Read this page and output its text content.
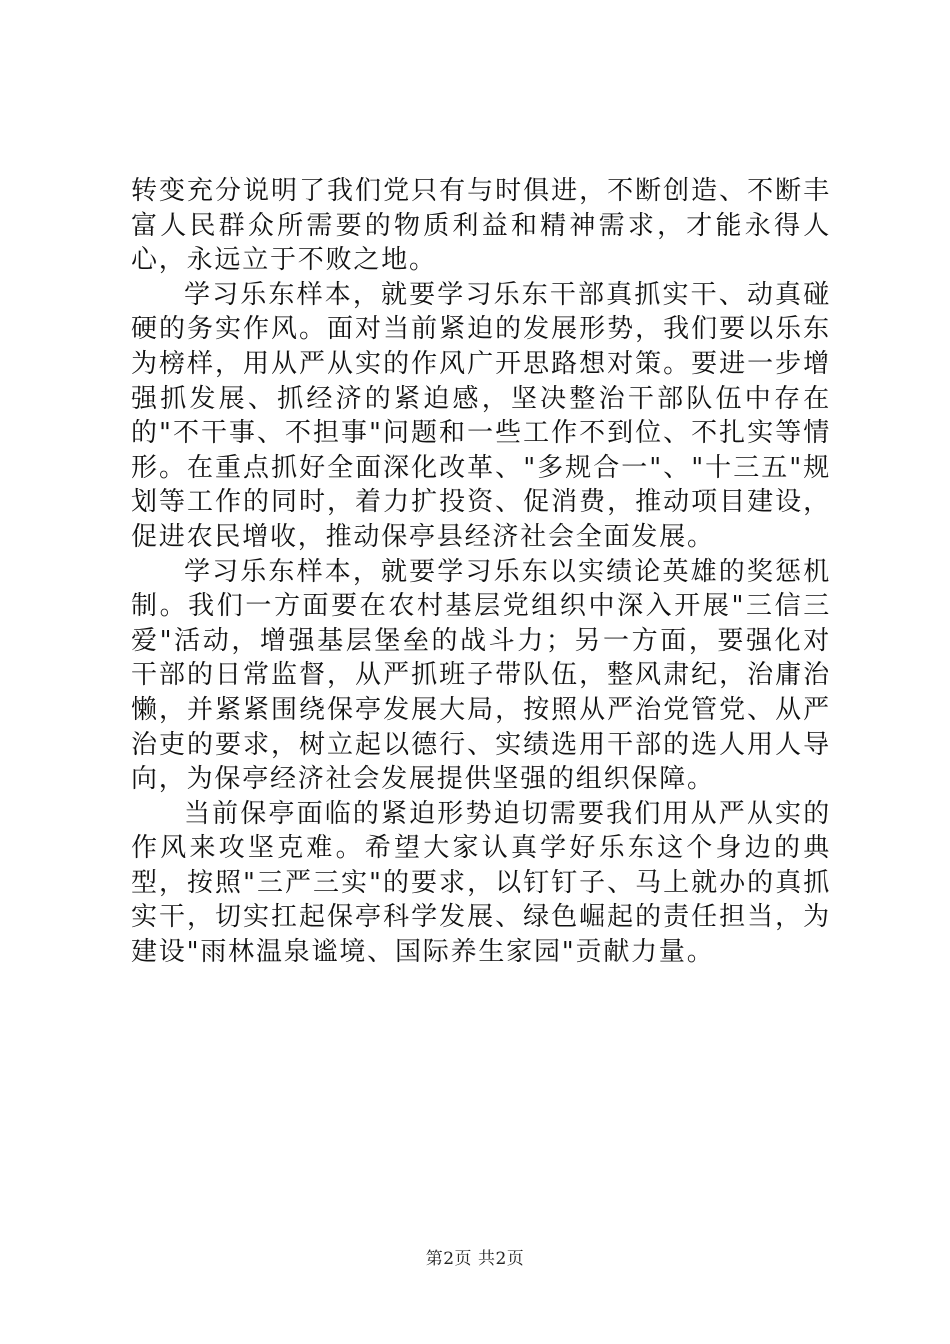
转变充分说明了我们党只有与时俱进，不断创造、不断丰富人民群众所需要的物质利益和精神需求，才能永得人心，永远立于不败之地。

学习乐东样本，就要学习乐东干部真抓实干、动真碰硬的务实作风。面对当前紧迫的发展形势，我们要以乐东为榜样，用从严从实的作风广开思路想对策。要进一步增强抓发展、抓经济的紧迫感，坚决整治干部队伍中存在的"不干事、不担事"问题和一些工作不到位、不扎实等情形。在重点抓好全面深化改革、"多规合一"、"十三五"规划等工作的同时，着力扩投资、促消费，推动项目建设，促进农民增收，推动保亭县经济社会全面发展。

学习乐东样本，就要学习乐东以实绩论英雄的奖惩机制。我们一方面要在农村基层党组织中深入开展"三信三爱"活动，增强基层堡垒的战斗力；另一方面，要强化对干部的日常监督，从严抓班子带队伍，整风肃纪，治庸治懒，并紧紧围绕保亭发展大局，按照从严治党管党、从严治吏的要求，树立起以德行、实绩选用干部的选人用人导向，为保亭经济社会发展提供坚强的组织保障。

当前保亭面临的紧迫形势迫切需要我们用从严从实的作风来攻坚克难。希望大家认真学好乐东这个身边的典型，按照"三严三实"的要求，以钉钉子、马上就办的真抓实干，切实扛起保亭科学发展、绿色崛起的责任担当，为建设"雨林温泉谧境、国际养生家园"贡献力量。

第2页 共2页
